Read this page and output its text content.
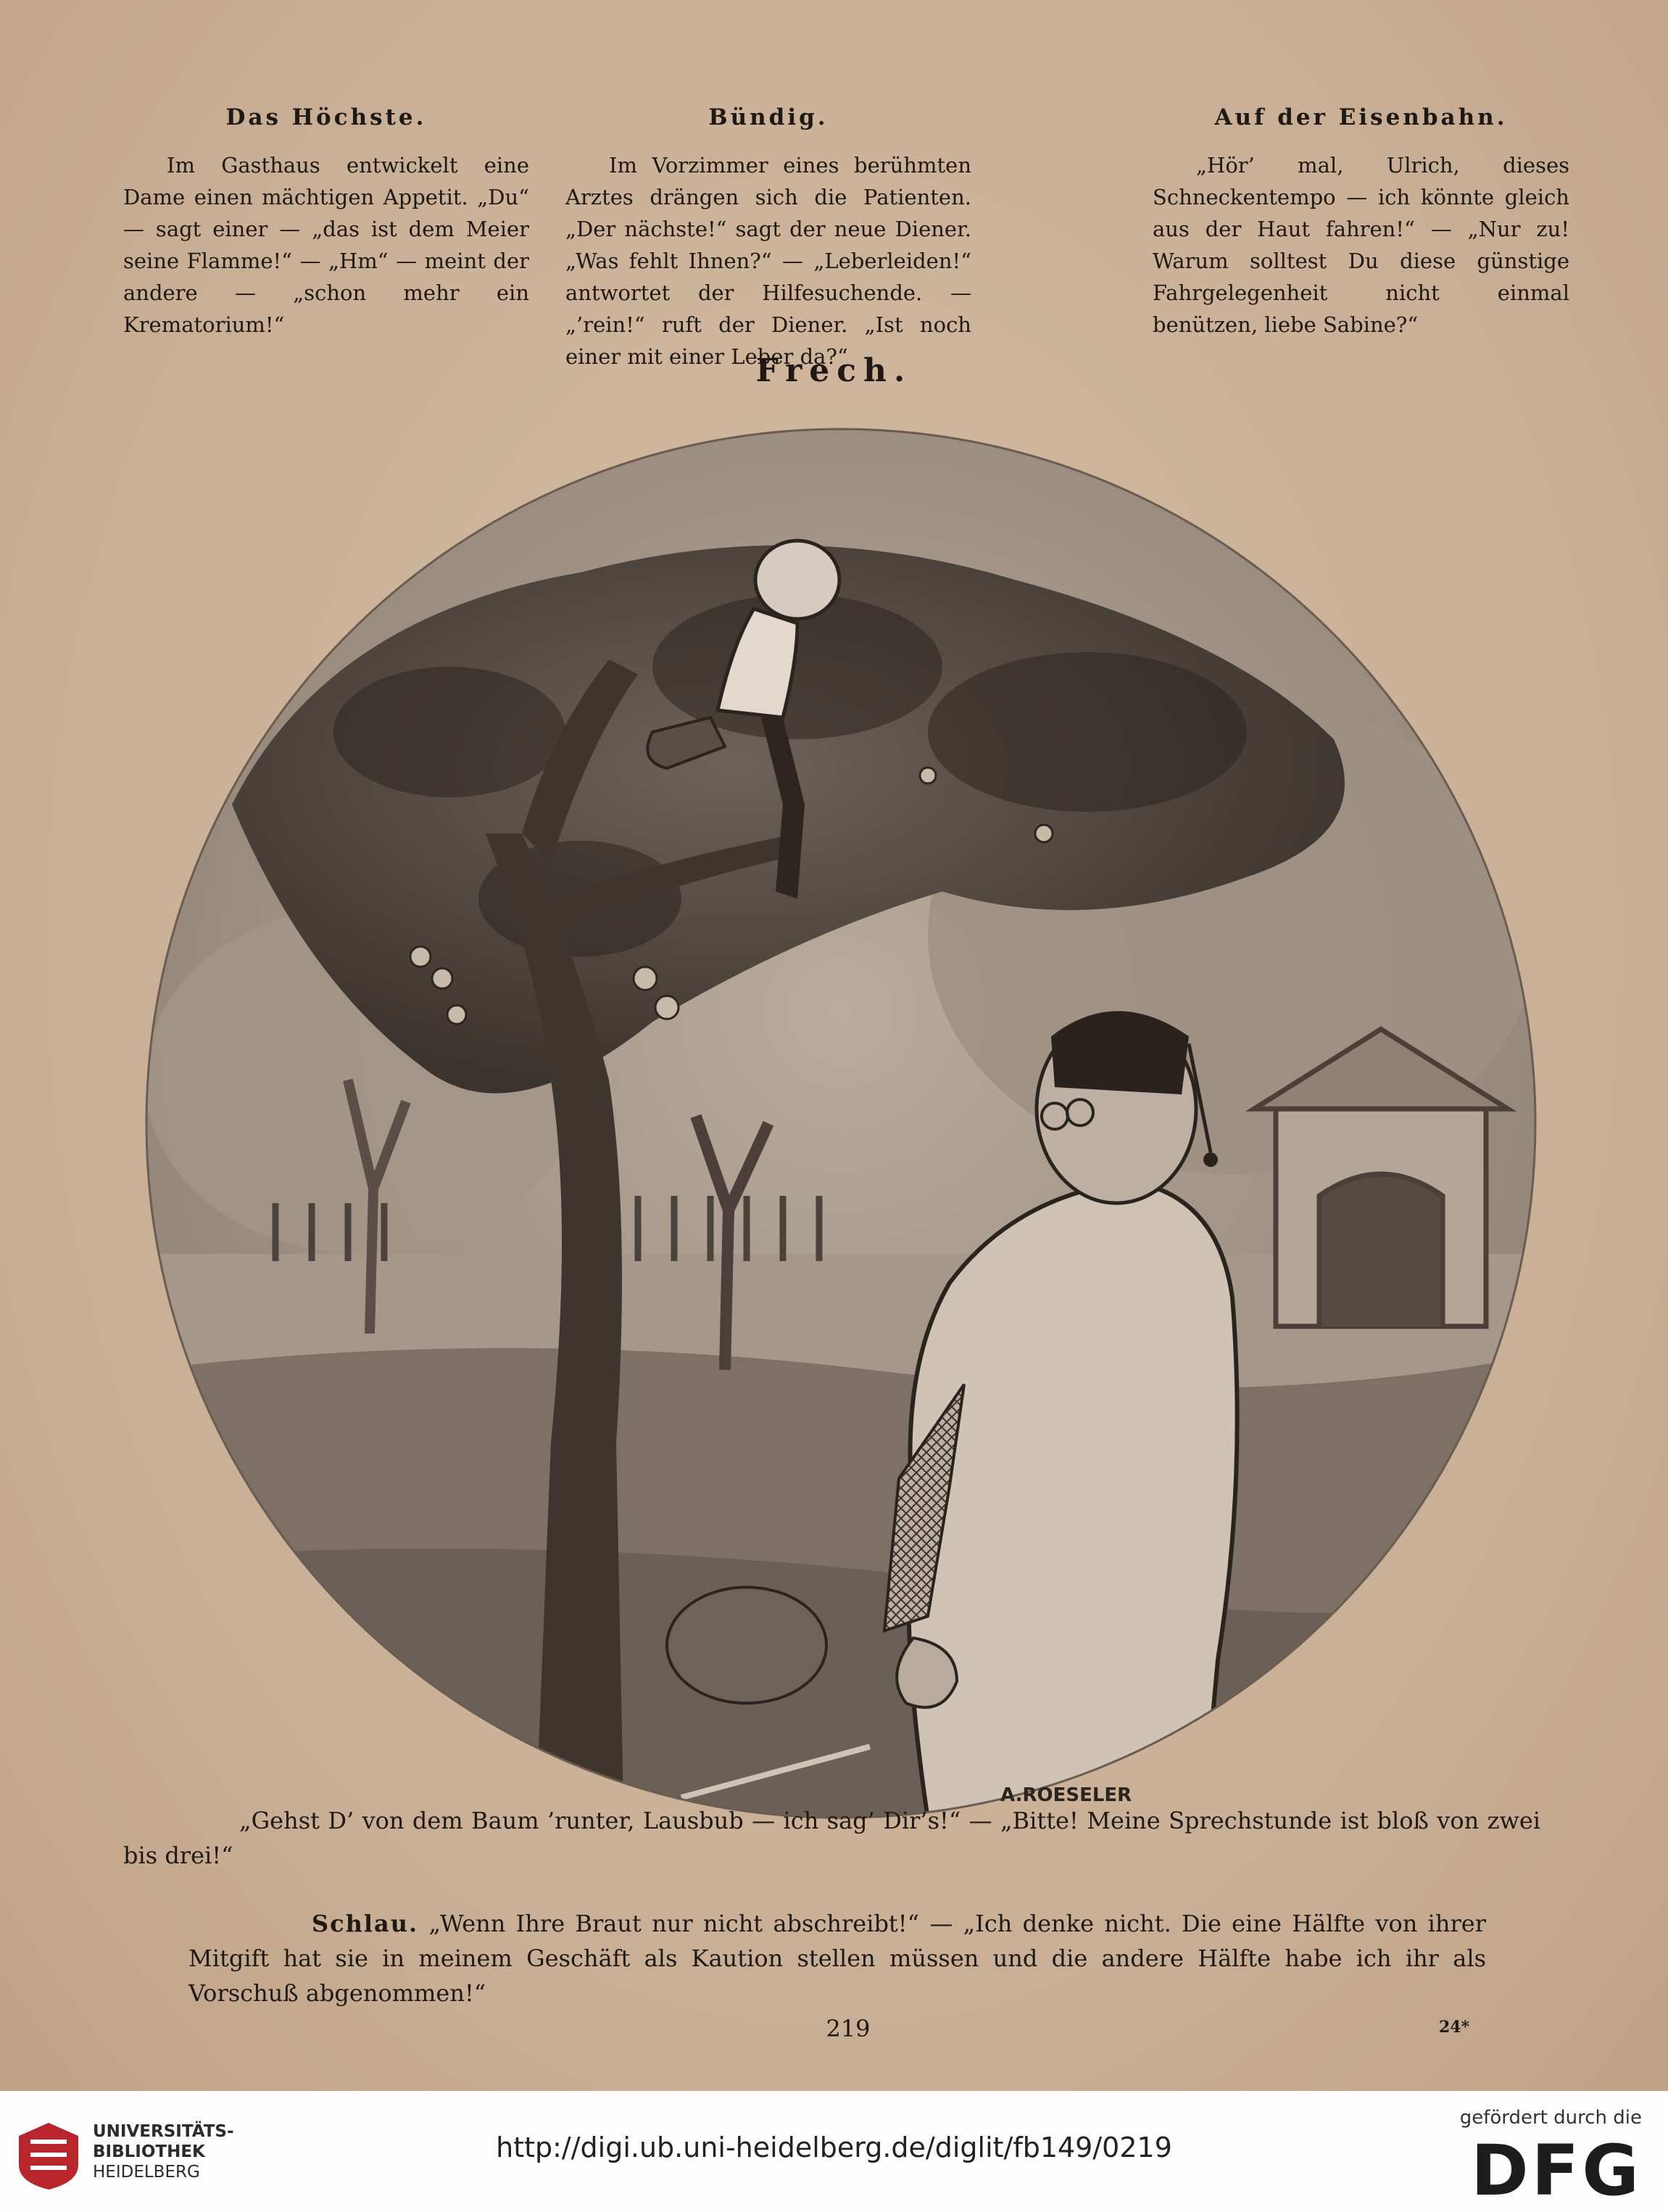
Das Höchste.

Im Gasthaus entwickelt eine Dame einen mächtigen Appetit. „Du“ — sagt einer — „das ist dem Meier seine Flamme!“ — „Hm“ — meint der andere — „schon mehr ein Krematorium!“

Bündig.

Im Vorzimmer eines berühmten Arztes drängen sich die Patienten. „Der nächste!“ sagt der neue Diener. „Was fehlt Ihnen?“ — „Leberleiden!“ antwortet der Hilfesuchende. — „’rein!“ ruft der Diener. „Ist noch einer mit einer Leber da?“

Auf der Eisenbahn.

„Hör’ mal, Ulrich, dieses Schneckentempo — ich könnte gleich aus der Haut fahren!“ — „Nur zu! Warum solltest Du diese günstige Fahrgelegenheit nicht einmal benützen, liebe Sabine?“

Frech.
A.ROESELER

„Gehst D’ von dem Baum ’runter, Lausbub — ich sag’ Dir’s!“ — „Bitte! Meine Sprechstunde ist bloß von zwei bis drei!“

Schlau. „Wenn Ihre Braut nur nicht abschreibt!“ — „Ich denke nicht. Die eine Hälfte von ihrer Mitgift hat sie in meinem Geschäft als Kaution stellen müssen und die andere Hälfte habe ich ihr als Vorschuß abgenommen!“

219	24*
UNIVERSITÄTS-
BIBLIOTHEK
HEIDELBERG
http://digi.ub.uni-heidelberg.de/diglit/fb149/0219
gefördert durch die
DFG
